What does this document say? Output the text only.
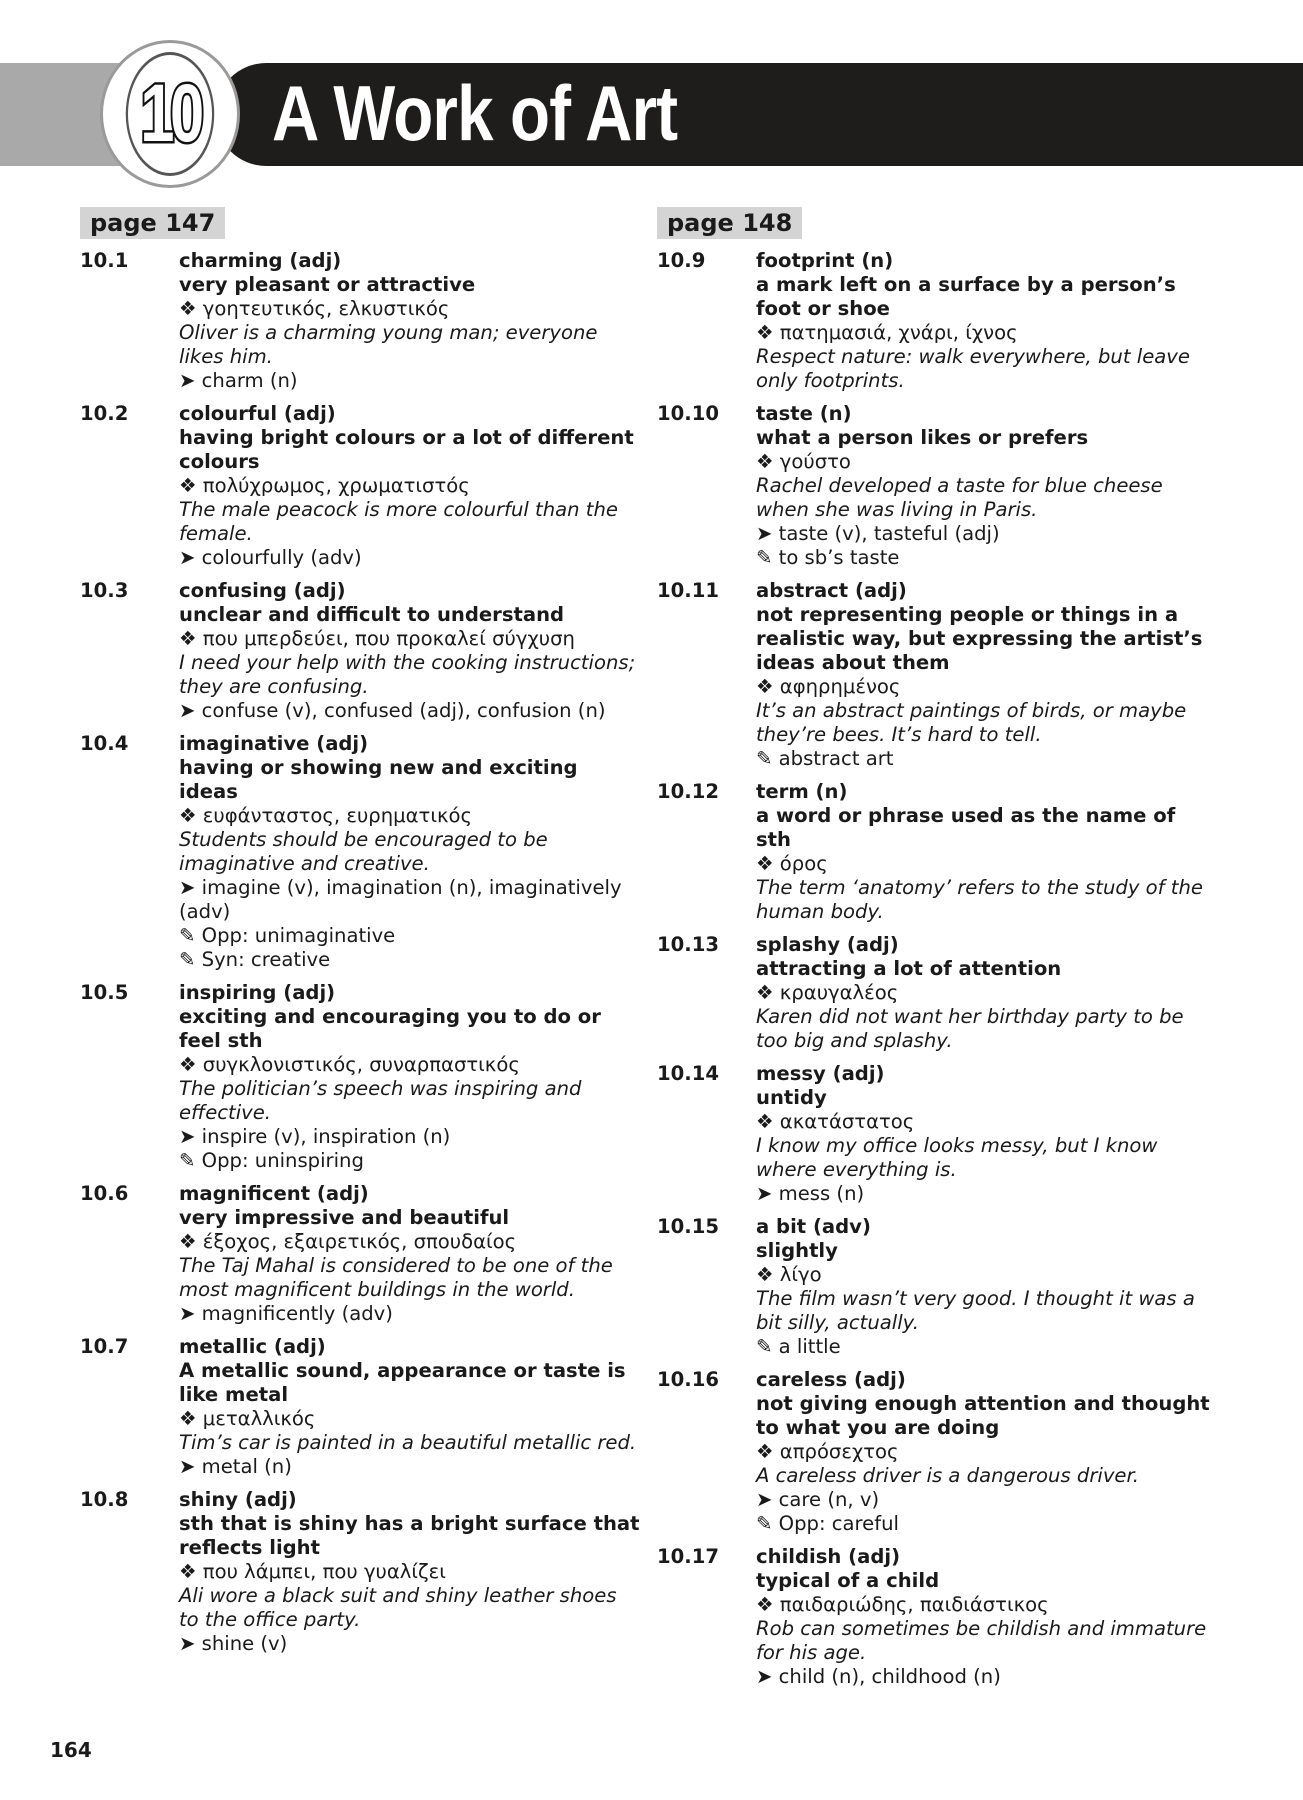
10 A Work of Art
page 147

10.1	charming (adj)
very pleasant or attractive
❖ γοητευτικός, ελκυστικός
Oliver is a charming young man; everyone likes him.
➤ charm (n)
10.2	colourful (adj)
having bright colours or a lot of different colours
❖ πολύχρωμος, χρωματιστός
The male peacock is more colourful than the female.
➤ colourfully (adv)
10.3	confusing (adj)
unclear and difficult to understand
❖ που μπερδεύει, που προκαλεί σύγχυση
I need your help with the cooking instructions; they are confusing.
➤ confuse (v), confused (adj), confusion (n)
10.4	imaginative (adj)
having or showing new and exciting ideas
❖ ευφάνταστος, ευρηματικός
Students should be encouraged to be imaginative and creative.
➤ imagine (v), imagination (n), imaginatively (adv)
✎ Opp: unimaginative
✎ Syn: creative
10.5	inspiring (adj)
exciting and encouraging you to do or feel sth
❖ συγκλονιστικός, συναρπαστικός
The politician’s speech was inspiring and effective.
➤ inspire (v), inspiration (n)
✎ Opp: uninspiring
10.6	magnificent (adj)
very impressive and beautiful
❖ έξοχος, εξαιρετικός, σπουδαίος
The Taj Mahal is considered to be one of the most magnificent buildings in the world.
➤ magnificently (adv)
10.7	metallic (adj)
A metallic sound, appearance or taste is like metal
❖ μεταλλικός
Tim’s car is painted in a beautiful metallic red.
➤ metal (n)
10.8	shiny (adj)
sth that is shiny has a bright surface that reflects light
❖ που λάμπει, που γυαλίζει
Ali wore a black suit and shiny leather shoes to the office party.
➤ shine (v)
page 148

10.9	footprint (n)
a mark left on a surface by a person’s foot or shoe
❖ πατημασιά, χνάρι, ίχνος
Respect nature: walk everywhere, but leave only footprints.
10.10	taste (n)
what a person likes or prefers
❖ γούστο
Rachel developed a taste for blue cheese when she was living in Paris.
➤ taste (v), tasteful (adj)
✎ to sb’s taste
10.11	abstract (adj)
not representing people or things in a realistic way, but expressing the artist’s ideas about them
❖ αφηρημένος
It’s an abstract paintings of birds, or maybe they’re bees. It’s hard to tell.
✎ abstract art
10.12	term (n)
a word or phrase used as the name of sth
❖ όρος
The term ‘anatomy’ refers to the study of the human body.
10.13	splashy (adj)
attracting a lot of attention
❖ κραυγαλέος
Karen did not want her birthday party to be too big and splashy.
10.14	messy (adj)
untidy
❖ ακατάστατος
I know my office looks messy, but I know where everything is.
➤ mess (n)
10.15	a bit (adv)
slightly
❖ λίγο
The film wasn’t very good. I thought it was a bit silly, actually.
✎ a little
10.16	careless (adj)
not giving enough attention and thought to what you are doing
❖ απρόσεχτος
A careless driver is a dangerous driver.
➤ care (n, v)
✎ Opp: careful
10.17	childish (adj)
typical of a child
❖ παιδαριώδης, παιδιάστικος
Rob can sometimes be childish and immature for his age.
➤ child (n), childhood (n)
164
